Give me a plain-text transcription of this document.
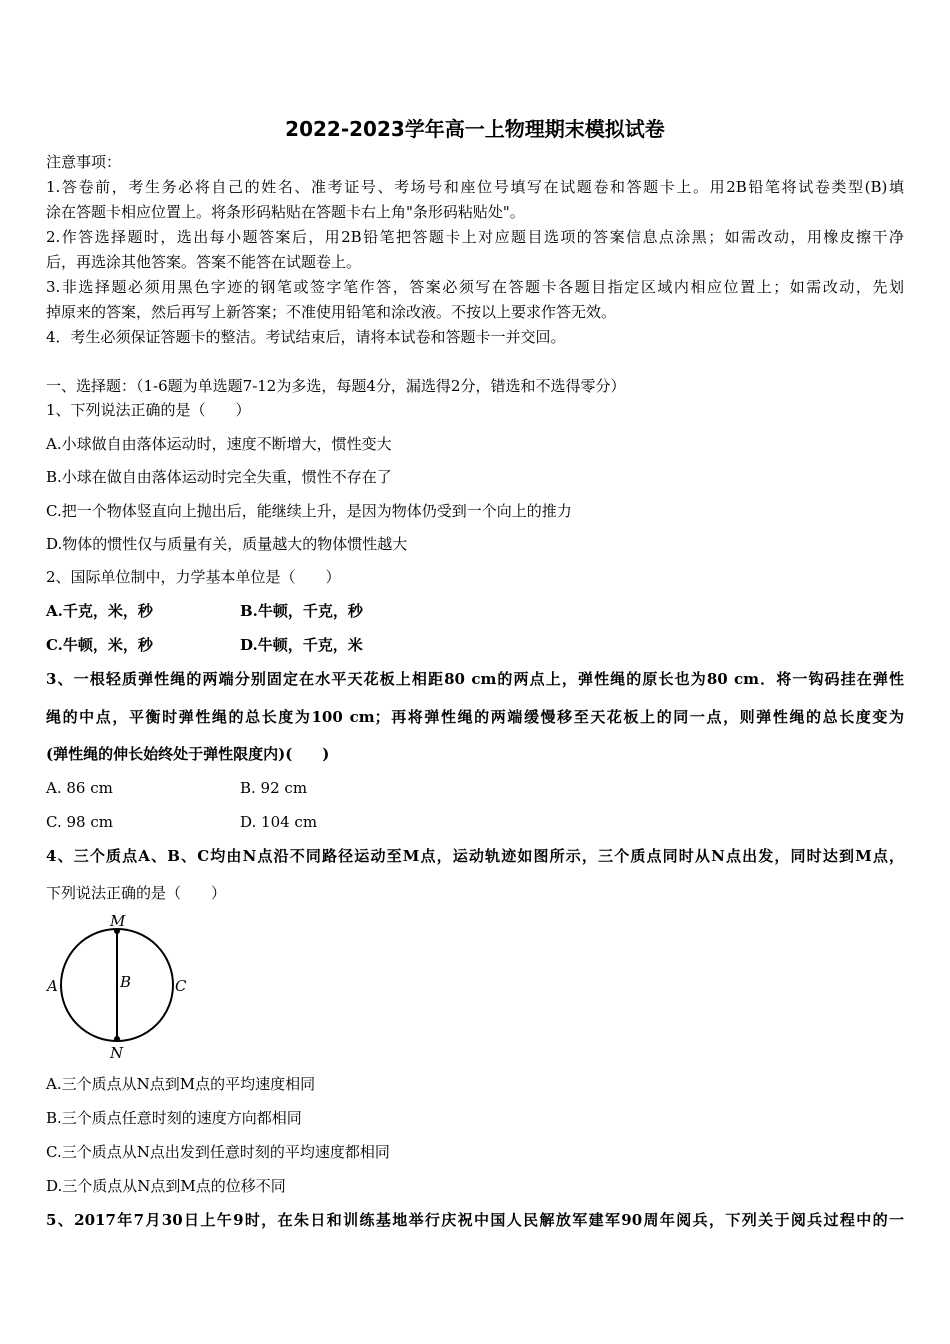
2022-2023学年高一上物理期末模拟试卷
注意事项：
1.答卷前，考生务必将自己的姓名、准考证号、考场号和座位号填写在试题卷和答题卡上。用2B铅笔将试卷类型(B)填
涂在答题卡相应位置上。将条形码粘贴在答题卡右上角"条形码粘贴处"。
2.作答选择题时，选出每小题答案后，用2B铅笔把答题卡上对应题目选项的答案信息点涂黑；如需改动，用橡皮擦干净
后，再选涂其他答案。答案不能答在试题卷上。
3.非选择题必须用黑色字迹的钢笔或签字笔作答，答案必须写在答题卡各题目指定区域内相应位置上；如需改动，先划
掉原来的答案，然后再写上新答案；不准使用铅笔和涂改液。不按以上要求作答无效。
4．考生必须保证答题卡的整洁。考试结束后，请将本试卷和答题卡一并交回。
一、选择题：（1-6题为单选题7-12为多选，每题4分，漏选得2分，错选和不选得零分）
1、下列说法正确的是（　　）
A.小球做自由落体运动时，速度不断增大，惯性变大
B.小球在做自由落体运动时完全失重，惯性不存在了
C.把一个物体竖直向上抛出后，能继续上升，是因为物体仍受到一个向上的推力
D.物体的惯性仅与质量有关，质量越大的物体惯性越大
2、国际单位制中，力学基本单位是（　　）
A.千克，米，秒	B.牛顿，千克，秒
C.牛顿，米，秒	D.牛顿，千克，米
3、一根轻质弹性绳的两端分别固定在水平天花板上相距80 cm的两点上，弹性绳的原长也为80 cm．将一钩码挂在弹性
绳的中点，平衡时弹性绳的总长度为100 cm；再将弹性绳的两端缓慢移至天花板上的同一点，则弹性绳的总长度变为
(弹性绳的伸长始终处于弹性限度内)(　　)
A. 86 cm	B. 92 cm
C. 98 cm	D. 104 cm
4、三个质点A、B、C均由N点沿不同路径运动至M点，运动轨迹如图所示，三个质点同时从N点出发，同时达到M点，
下列说法正确的是（　　）
M
N
A	B	C
A.三个质点从N点到M点的平均速度相同
B.三个质点任意时刻的速度方向都相同
C.三个质点从N点出发到任意时刻的平均速度都相同
D.三个质点从N点到M点的位移不同
5、2017年7月30日上午9时，在朱日和训练基地举行庆祝中国人民解放军建军90周年阅兵，下列关于阅兵过程中的一
